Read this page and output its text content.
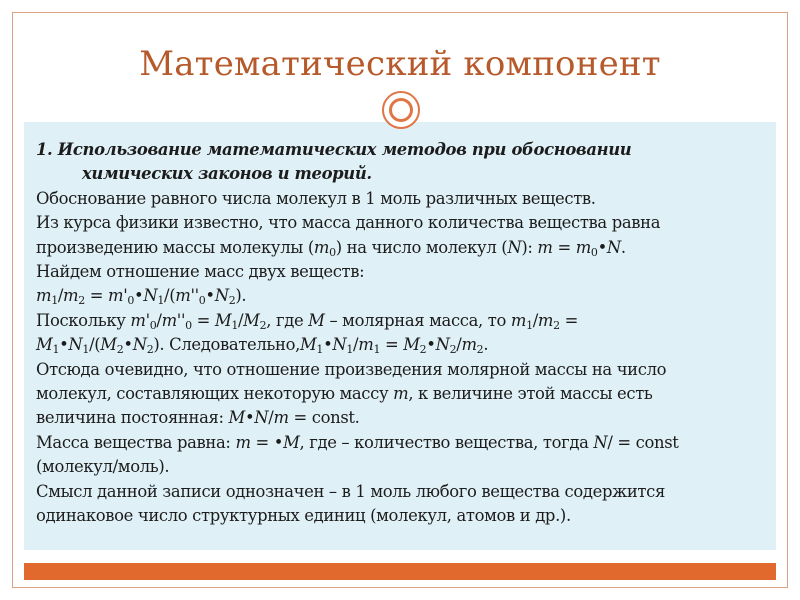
Математический компонент
1. Использование математических методов при обосновании
химических законов и теорий.
Обоснование равного числа молекул в 1 моль различных веществ.
Из курса физики известно, что масса данного количества вещества равна
произведению массы молекулы $(m_0)$ на число молекул (N): $m = m_0•N$.
Найдем отношение масс двух веществ:
$m_1/m_2$ = $m'_0•N_1/(m''_0•N_2)$.
Поскольку $m'_0/m''_0 = M_1/M_2$, где M – молярная масса, то $m_1/m_2$ =
$M_1•N_1/(M_2•N_2)$. $Следовательно,M_1•N_1/m_1$ = $M_2•N_2/m_2$.
Отсюда очевидно, что отношение произведения молярной массы на число
молекул, составляющих некоторую массу m, к величине этой массы есть
величина постоянная: M•N/m = const.
Масса вещества равна: m = •M, где – количество вещества, тогда N/ = const
(молекул/моль).
Смысл данной записи однозначен – в 1 моль любого вещества содержится
одинаковое число структурных единиц (молекул, атомов и др.).
